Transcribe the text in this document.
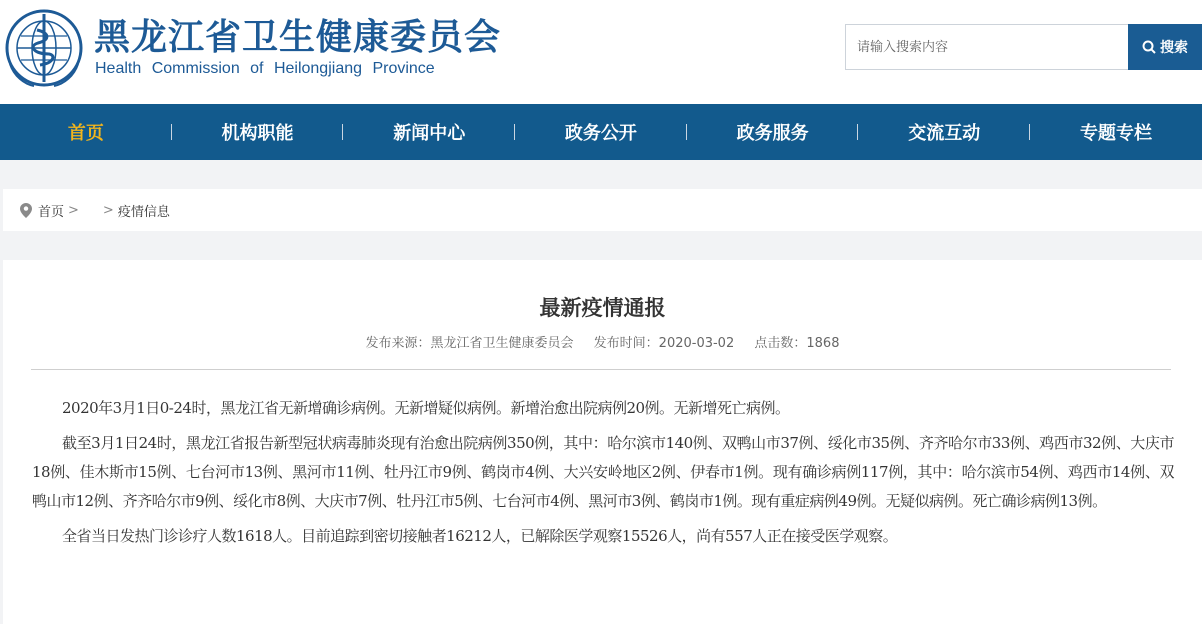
黑龙江省卫生健康委员会
Health Commission of Heilongjiang Province
请输入搜索内容
搜索
首页	机构职能	新闻中心	政务公开	政务服务	交流互动	专题专栏
首页 > > 疫情信息
最新疫情通报
发布来源：黑龙江省卫生健康委员会 发布时间：2020-03-02 点击数：1868

2020年3月1日0-24时，黑龙江省无新增确诊病例。无新增疑似病例。新增治愈出院病例20例。无新增死亡病例。

截至3月1日24时，黑龙江省报告新型冠状病毒肺炎现有治愈出院病例350例，其中：哈尔滨市140例、双鸭山市37例、绥化市35例、齐齐哈尔市33例、鸡西市32例、大庆市18例、佳木斯市15例、七台河市13例、黑河市11例、牡丹江市9例、鹤岗市4例、大兴安岭地区2例、伊春市1例。现有确诊病例117例，其中：哈尔滨市54例、鸡西市14例、双鸭山市12例、齐齐哈尔市9例、绥化市8例、大庆市7例、牡丹江市5例、七台河市4例、黑河市3例、鹤岗市1例。现有重症病例49例。无疑似病例。死亡确诊病例13例。

全省当日发热门诊诊疗人数1618人。目前追踪到密切接触者16212人，已解除医学观察15526人，尚有557人正在接受医学观察。
